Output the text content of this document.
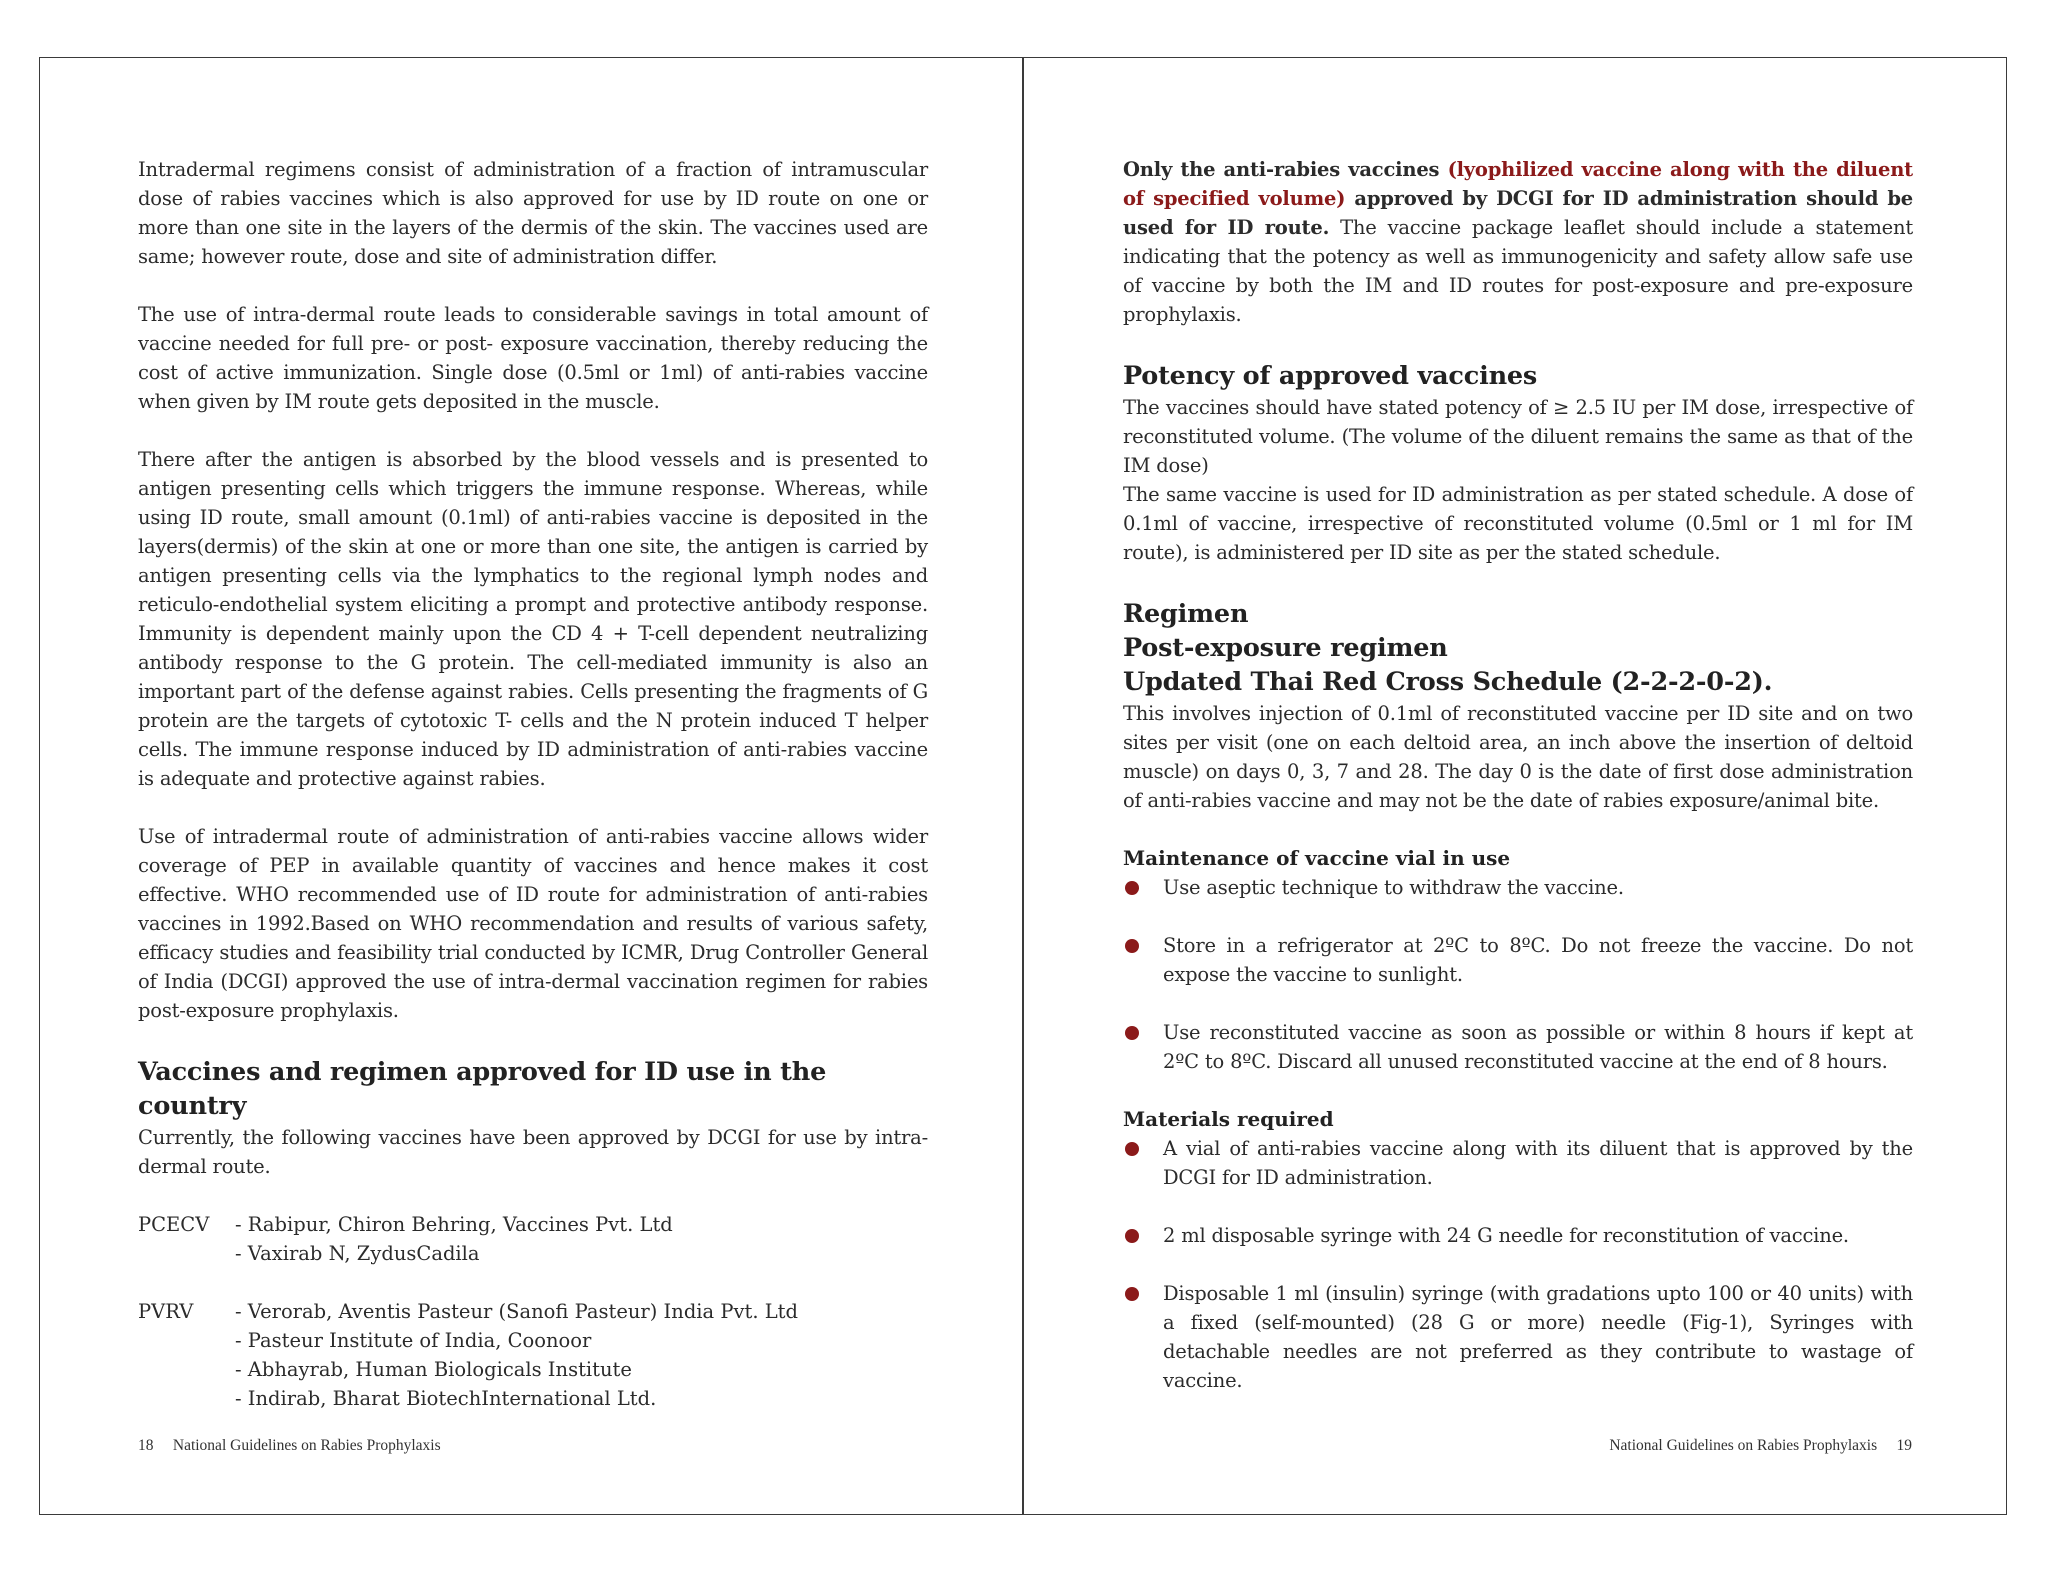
Intradermal regimens consist of administration of a fraction of intramuscular dose of rabies vaccines which is also approved for use by ID route on one or more than one site in the layers of the dermis of the skin. The vaccines used are same; however route, dose and site of administration differ.

The use of intra-dermal route leads to considerable savings in total amount of vaccine needed for full pre- or post- exposure vaccination, thereby reducing the cost of active immunization. Single dose (0.5ml or 1ml) of anti-rabies vaccine when given by IM route gets deposited in the muscle.

There after the antigen is absorbed by the blood vessels and is presented to antigen presenting cells which triggers the immune response. Whereas, while using ID route, small amount (0.1ml) of anti-rabies vaccine is deposited in the layers(dermis) of the skin at one or more than one site, the antigen is carried by antigen presenting cells via the lymphatics to the regional lymph nodes and reticulo-endothelial system eliciting a prompt and protective antibody response. Immunity is dependent mainly upon the CD 4 + T-cell dependent neutralizing antibody response to the G protein. The cell-mediated immunity is also an important part of the defense against rabies. Cells presenting the fragments of G protein are the targets of cytotoxic T- cells and the N protein induced T helper cells. The immune response induced by ID administration of anti-rabies vaccine is adequate and protective against rabies.

Use of intradermal route of administration of anti-rabies vaccine allows wider coverage of PEP in available quantity of vaccines and hence makes it cost effective. WHO recommended use of ID route for administration of anti-rabies vaccines in 1992.Based on WHO recommendation and results of various safety, efficacy studies and feasibility trial conducted by ICMR, Drug Controller General of India (DCGI) approved the use of intra-dermal vaccination regimen for rabies post-exposure prophylaxis.

Vaccines and regimen approved for ID use in the country

Currently, the following vaccines have been approved by DCGI for use by intra-dermal route.

PCECV	- Rabipur, Chiron Behring, Vaccines Pvt. Ltd
- Vaxirab N, ZydusCadila
PVRV	- Verorab, Aventis Pasteur (Sanofi Pasteur) India Pvt. Ltd
- Pasteur Institute of India, Coonoor
- Abhayrab, Human Biologicals Institute
- Indirab, Bharat BiotechInternational Ltd.
18 National Guidelines on Rabies Prophylaxis

Only the anti-rabies vaccines (lyophilized vaccine along with the diluent of specified volume) approved by DCGI for ID administration should be used for ID route. The vaccine package leaflet should include a statement indicating that the potency as well as immunogenicity and safety allow safe use of vaccine by both the IM and ID routes for post-exposure and pre-exposure prophylaxis.

Potency of approved vaccines

The vaccines should have stated potency of ≥ 2.5 IU per IM dose, irrespective of reconstituted volume. (The volume of the diluent remains the same as that of the IM dose)

The same vaccine is used for ID administration as per stated schedule. A dose of 0.1ml of vaccine, irrespective of reconstituted volume (0.5ml or 1 ml for IM route), is administered per ID site as per the stated schedule.

Regimen
Post-exposure regimen
Updated Thai Red Cross Schedule (2-2-2-0-2).

This involves injection of 0.1ml of reconstituted vaccine per ID site and on two sites per visit (one on each deltoid area, an inch above the insertion of deltoid muscle) on days 0, 3, 7 and 28. The day 0 is the date of first dose administration of anti-rabies vaccine and may not be the date of rabies exposure/animal bite.

Maintenance of vaccine vial in use
Use aseptic technique to withdraw the vaccine.
Store in a refrigerator at 2ºC to 8ºC. Do not freeze the vaccine. Do not expose the vaccine to sunlight.
Use reconstituted vaccine as soon as possible or within 8 hours if kept at 2ºC to 8ºC. Discard all unused reconstituted vaccine at the end of 8 hours.
Materials required
A vial of anti-rabies vaccine along with its diluent that is approved by the DCGI for ID administration.
2 ml disposable syringe with 24 G needle for reconstitution of vaccine.
Disposable 1 ml (insulin) syringe (with gradations upto 100 or 40 units) with a fixed (self-mounted) (28 G or more) needle (Fig-1), Syringes with detachable needles are not preferred as they contribute to wastage of vaccine.
National Guidelines on Rabies Prophylaxis 19
